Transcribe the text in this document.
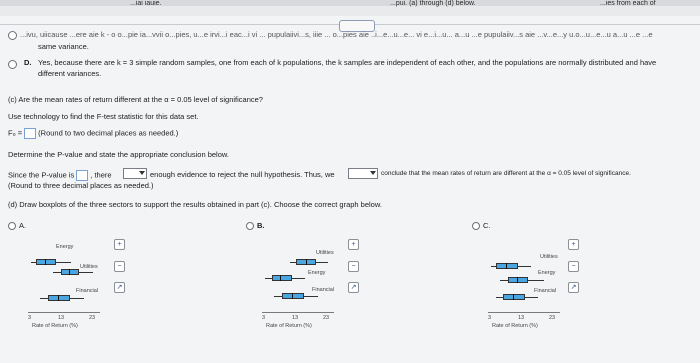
...iai iauie.	...pui. (a) through (d) below.	...ies from each of
...ivu, uiicause ...ere aie k - o o...pie ia...vvii o...pies, u...e irvi...i eac...i vi ... pupulaiivi...s, iiie ... o...pies aie ..i...e...u...e... vi e...i...u... a...u ...e pupulaiiv...s aie ...v...e...y u.o...u...e...u a...u ...e ...e
same variance.
D. Yes, because there are k = 3 simple random samples, one from each of k populations, the k samples are independent of each other, and the populations are normally distributed and have
different variances.
(c) Are the mean rates of return different at the α = 0.05 level of significance?
Use technology to find the F-test statistic for this data set.
F₀ = (Round to two decimal places as needed.)
Determine the P-value and state the appropriate conclusion below.
Since the P-value is , there	enough evidence to reject the null hypothesis. Thus, we	conclude that the mean rates of return are different at the α = 0.05 level of significance.
(Round to three decimal places as needed.)
(d) Draw boxplots of the three sectors to support the results obtained in part (c). Choose the correct graph below.
A.	B.	C.
Energy
Utilities
Financial
3	13	23
Rate of Return (%)
+
−
↗
Utilities
Energy
Financial
3	13	23
Rate of Return (%)
+
−
↗
Utilities
Energy
Financial
3	13	23
Rate of Return (%)
+
−
↗
